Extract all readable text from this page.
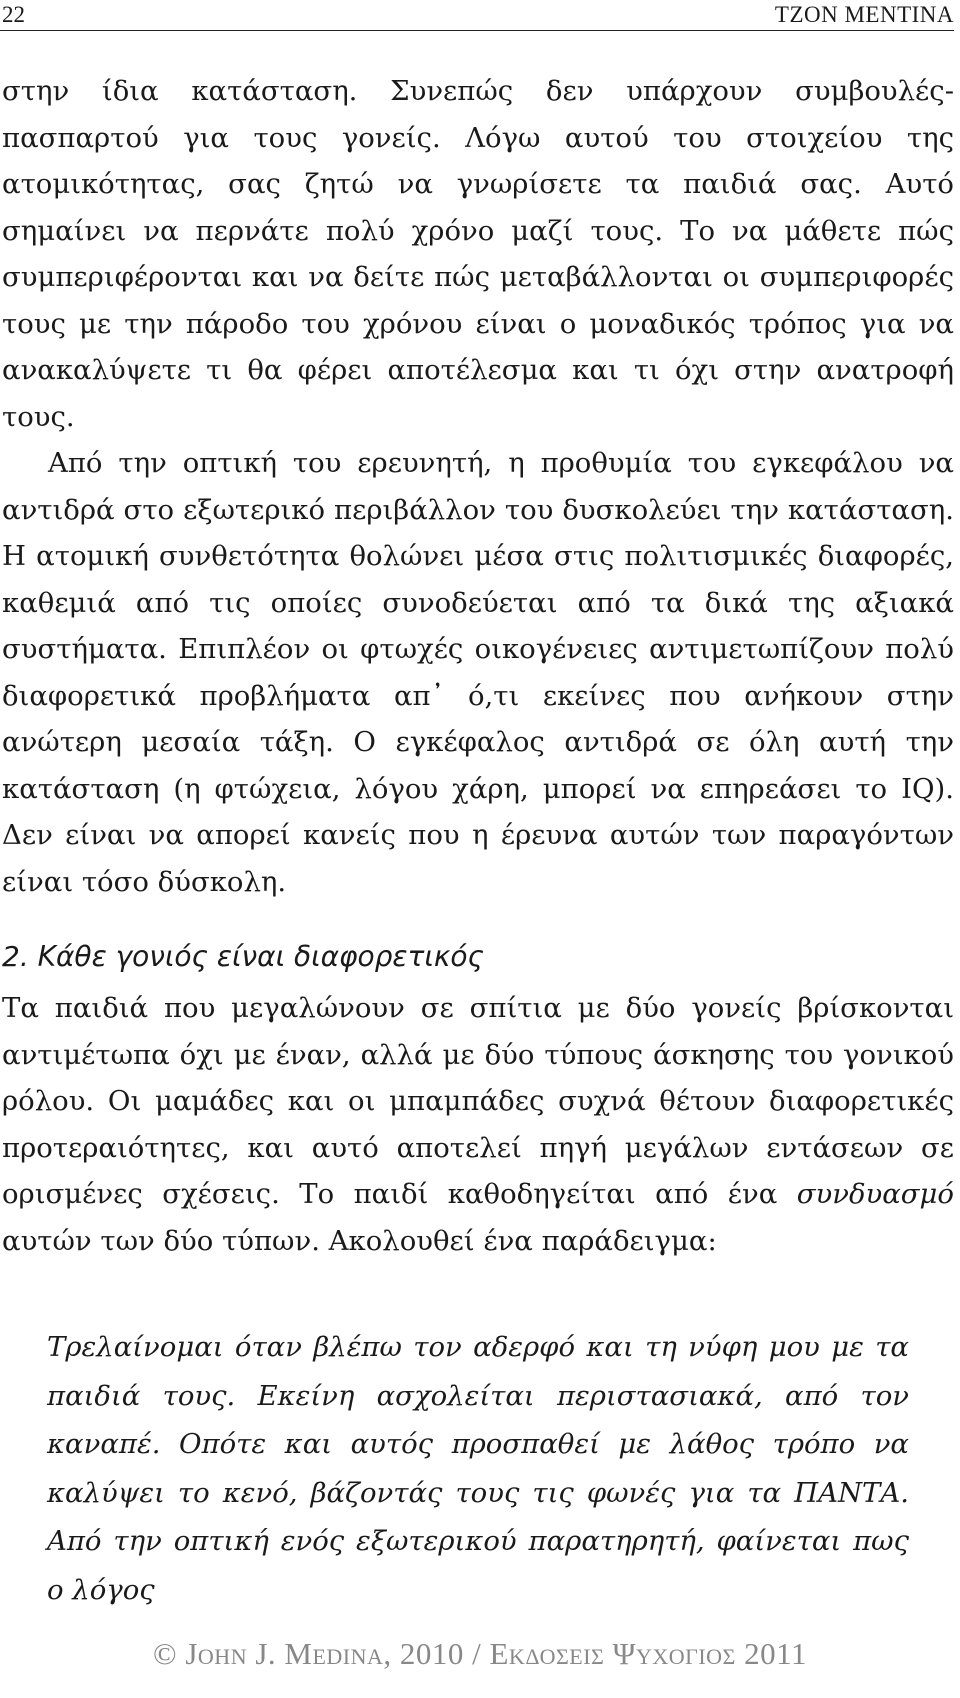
22	ΤΖΟΝ ΜΕΝΤΙΝΑ

στην ίδια κατάσταση. Συνεπώς δεν υπάρχουν συμβουλές-πασπαρτού για τους γονείς. Λόγω αυτού του στοιχείου της ατομικότητας, σας ζητώ να γνωρίσετε τα παιδιά σας. Αυτό σημαίνει να περνάτε πολύ χρόνο μαζί τους. Το να μάθετε πώς συμπεριφέρονται και να δείτε πώς μεταβάλλονται οι συμπεριφορές τους με την πάροδο του χρόνου είναι ο μοναδικός τρόπος για να ανακαλύψετε τι θα φέρει αποτέλεσμα και τι όχι στην ανατροφή τους.

Από την οπτική του ερευνητή, η προθυμία του εγκεφάλου να αντιδρά στο εξωτερικό περιβάλλον του δυσκολεύει την κατάσταση. Η ατομική συνθετότητα θολώνει μέσα στις πολιτισμικές διαφορές, καθεμιά από τις οποίες συνοδεύεται από τα δικά της αξιακά συστήματα. Επιπλέον οι φτωχές οικογένειες αντιμετωπίζουν πολύ διαφορετικά προβλήματα απ᾽ ό,τι εκείνες που ανήκουν στην ανώτερη μεσαία τάξη. Ο εγκέφαλος αντιδρά σε όλη αυτή την κατάσταση (η φτώχεια, λόγου χάρη, μπορεί να επηρεάσει το IQ). Δεν είναι να απορεί κανείς που η έρευνα αυτών των παραγόντων είναι τόσο δύσκολη.

2. Κάθε γονιός είναι διαφορετικός

Τα παιδιά που μεγαλώνουν σε σπίτια με δύο γονείς βρίσκονται αντιμέτωπα όχι με έναν, αλλά με δύο τύπους άσκησης του γονικού ρόλου. Οι μαμάδες και οι μπαμπάδες συχνά θέτουν διαφορετικές προτεραιότητες, και αυτό αποτελεί πηγή μεγάλων εντάσεων σε ορισμένες σχέσεις. Το παιδί καθοδηγείται από ένα συνδυασμό αυτών των δύο τύπων. Ακολουθεί ένα παράδειγμα:

Τρελαίνομαι όταν βλέπω τον αδερφό και τη νύφη μου με τα παιδιά τους. Εκείνη ασχολείται περιστασιακά, από τον καναπέ. Οπότε και αυτός προσπαθεί με λάθος τρόπο να καλύψει το κενό, βάζοντάς τους τις φωνές για τα ΠΑΝΤΑ. Από την οπτική ενός εξωτερικού παρατηρητή, φαίνεται πως ο λόγος

© John J. Medina, 2010 / Εκδοσεισ Ψυχογιοσ 2011
